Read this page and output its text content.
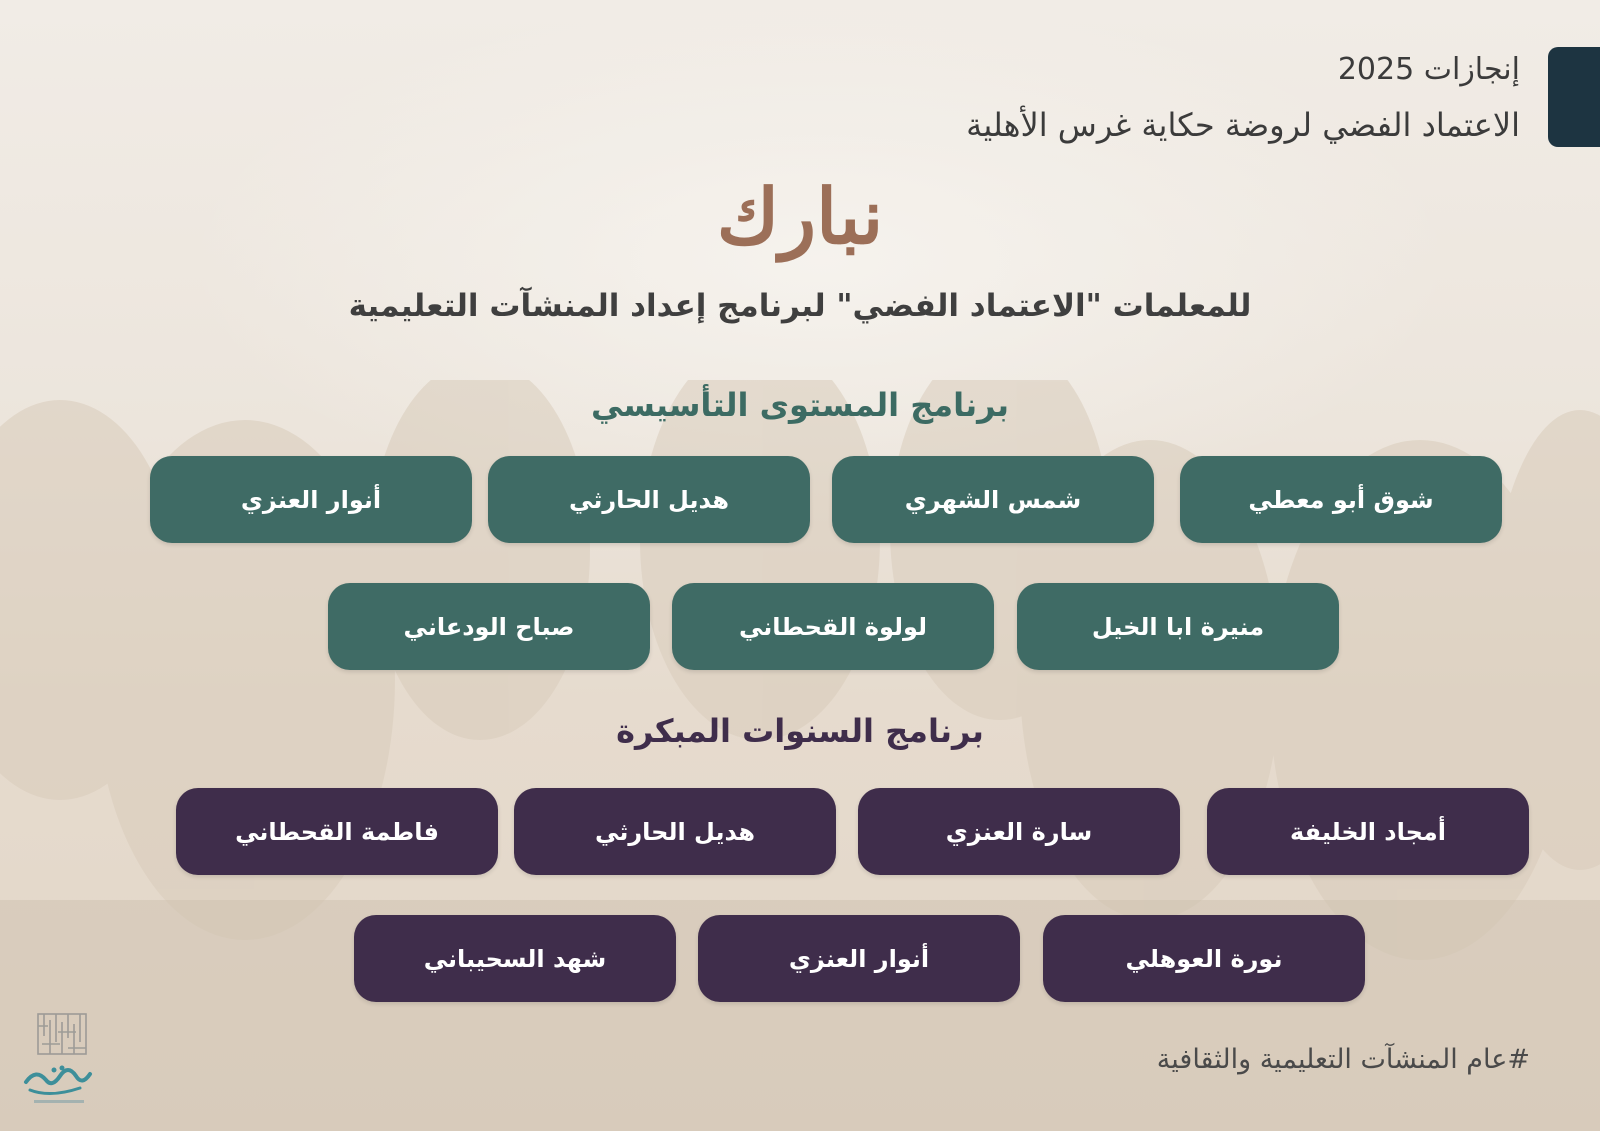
إنجازات 2025
الاعتماد الفضي لروضة حكاية غرس الأهلية
نبارك
للمعلمات "الاعتماد الفضي" لبرنامج إعداد المنشآت التعليمية
برنامج المستوى التأسيسي
شوق أبو معطي
شمس الشهري
هديل الحارثي
أنوار العنزي
منيرة ابا الخيل
لولوة القحطاني
صباح الودعاني
برنامج السنوات المبكرة
أمجاد الخليفة
سارة العنزي
هديل الحارثي
فاطمة القحطاني
نورة العوهلي
أنوار العنزي
شهد السحيباني
#عام المنشآت التعليمية والثقافية
